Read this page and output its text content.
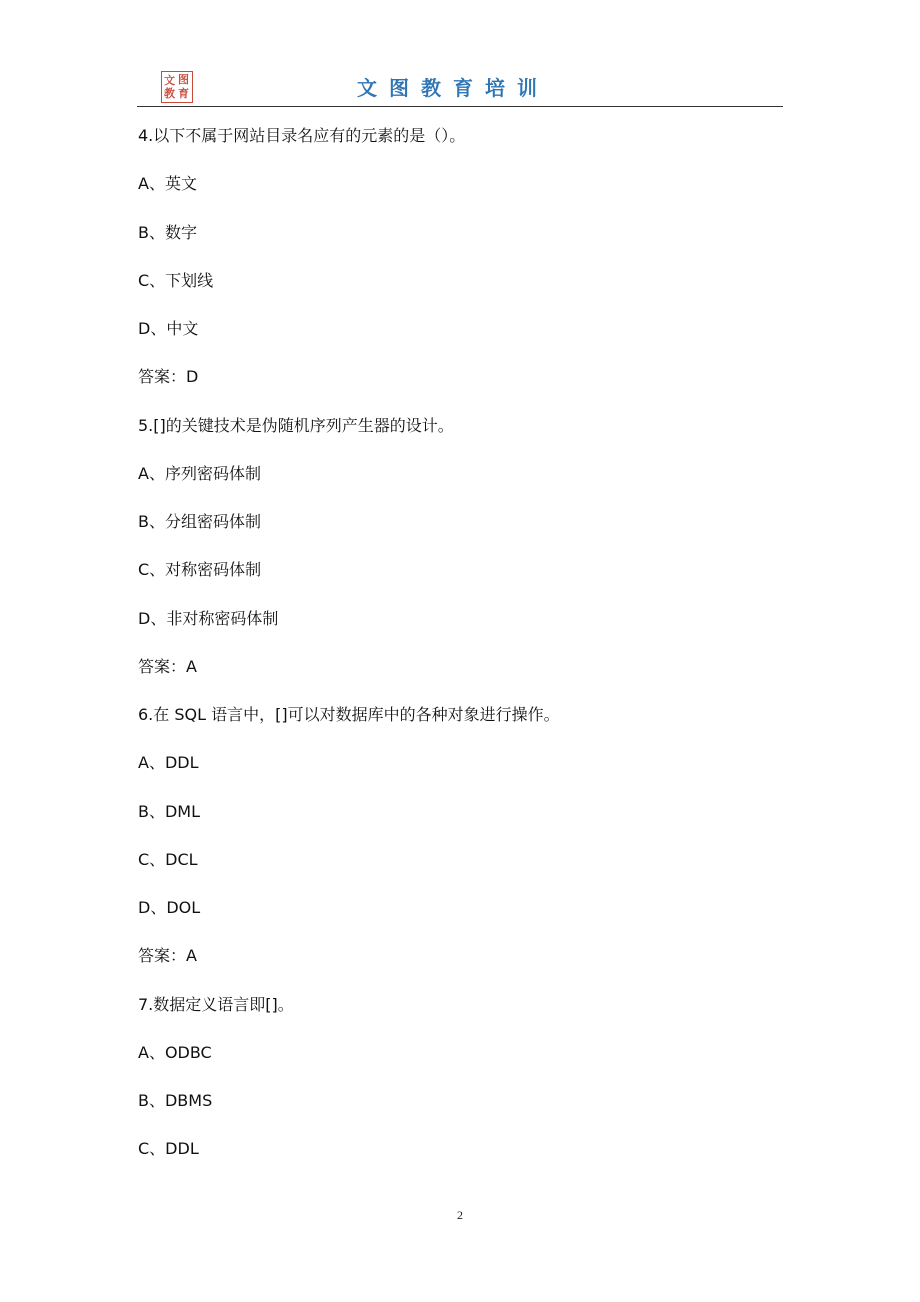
文 图
教 育	文图教育培训
4.以下不属于网站目录名应有的元素的是（）。
A、英文
B、数字
C、下划线
D、中文
答案：D
5.[]的关键技术是伪随机序列产生器的设计。
A、序列密码体制
B、分组密码体制
C、对称密码体制
D、非对称密码体制
答案：A
6.在 SQL 语言中，[]可以对数据库中的各种对象进行操作。
A、DDL
B、DML
C、DCL
D、DOL
答案：A
7.数据定义语言即[]。
A、ODBC
B、DBMS
C、DDL
2
